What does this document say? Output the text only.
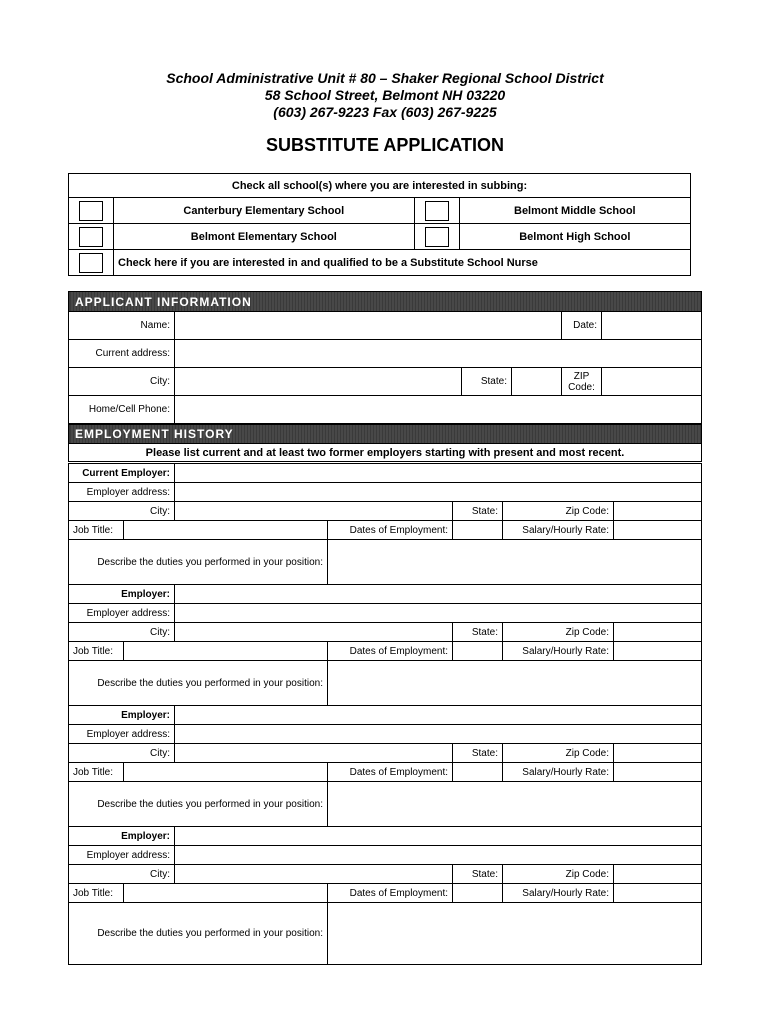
School Administrative Unit # 80 – Shaker Regional School District
58 School Street, Belmont NH 03220
(603) 267-9223 Fax (603) 267-9225
SUBSTITUTE APPLICATION
Check all school(s) where you are interested in subbing:			
	Canterbury Elementary School		Belmont Middle School
	Belmont Elementary School		Belmont High School
	Check here if you are interested in and qualified to be a Substitute School Nurse		
APPLICANT INFORMATION					
Name:				Date:	
Current address:					
City:		State:		ZIP Code:	
Home/Cell Phone:					
EMPLOYMENT HISTORY
Please list current and at least two former employers starting with present and most recent.
Current Employer:						
Employer address:						
City:				State:	Zip Code:	
Job Title:			Dates of Employment:		Salary/Hourly Rate:	
Describe the duties you performed in your position:						
Employer:						
Employer address:						
City:				State:	Zip Code:	
Job Title:			Dates of Employment:		Salary/Hourly Rate:	
Describe the duties you performed in your position:						
Employer:						
Employer address:						
City:				State:	Zip Code:	
Job Title:			Dates of Employment:		Salary/Hourly Rate:	
Describe the duties you performed in your position:						
Employer:						
Employer address:						
City:				State:	Zip Code:	
Job Title:			Dates of Employment:		Salary/Hourly Rate:	
Describe the duties you performed in your position:						
